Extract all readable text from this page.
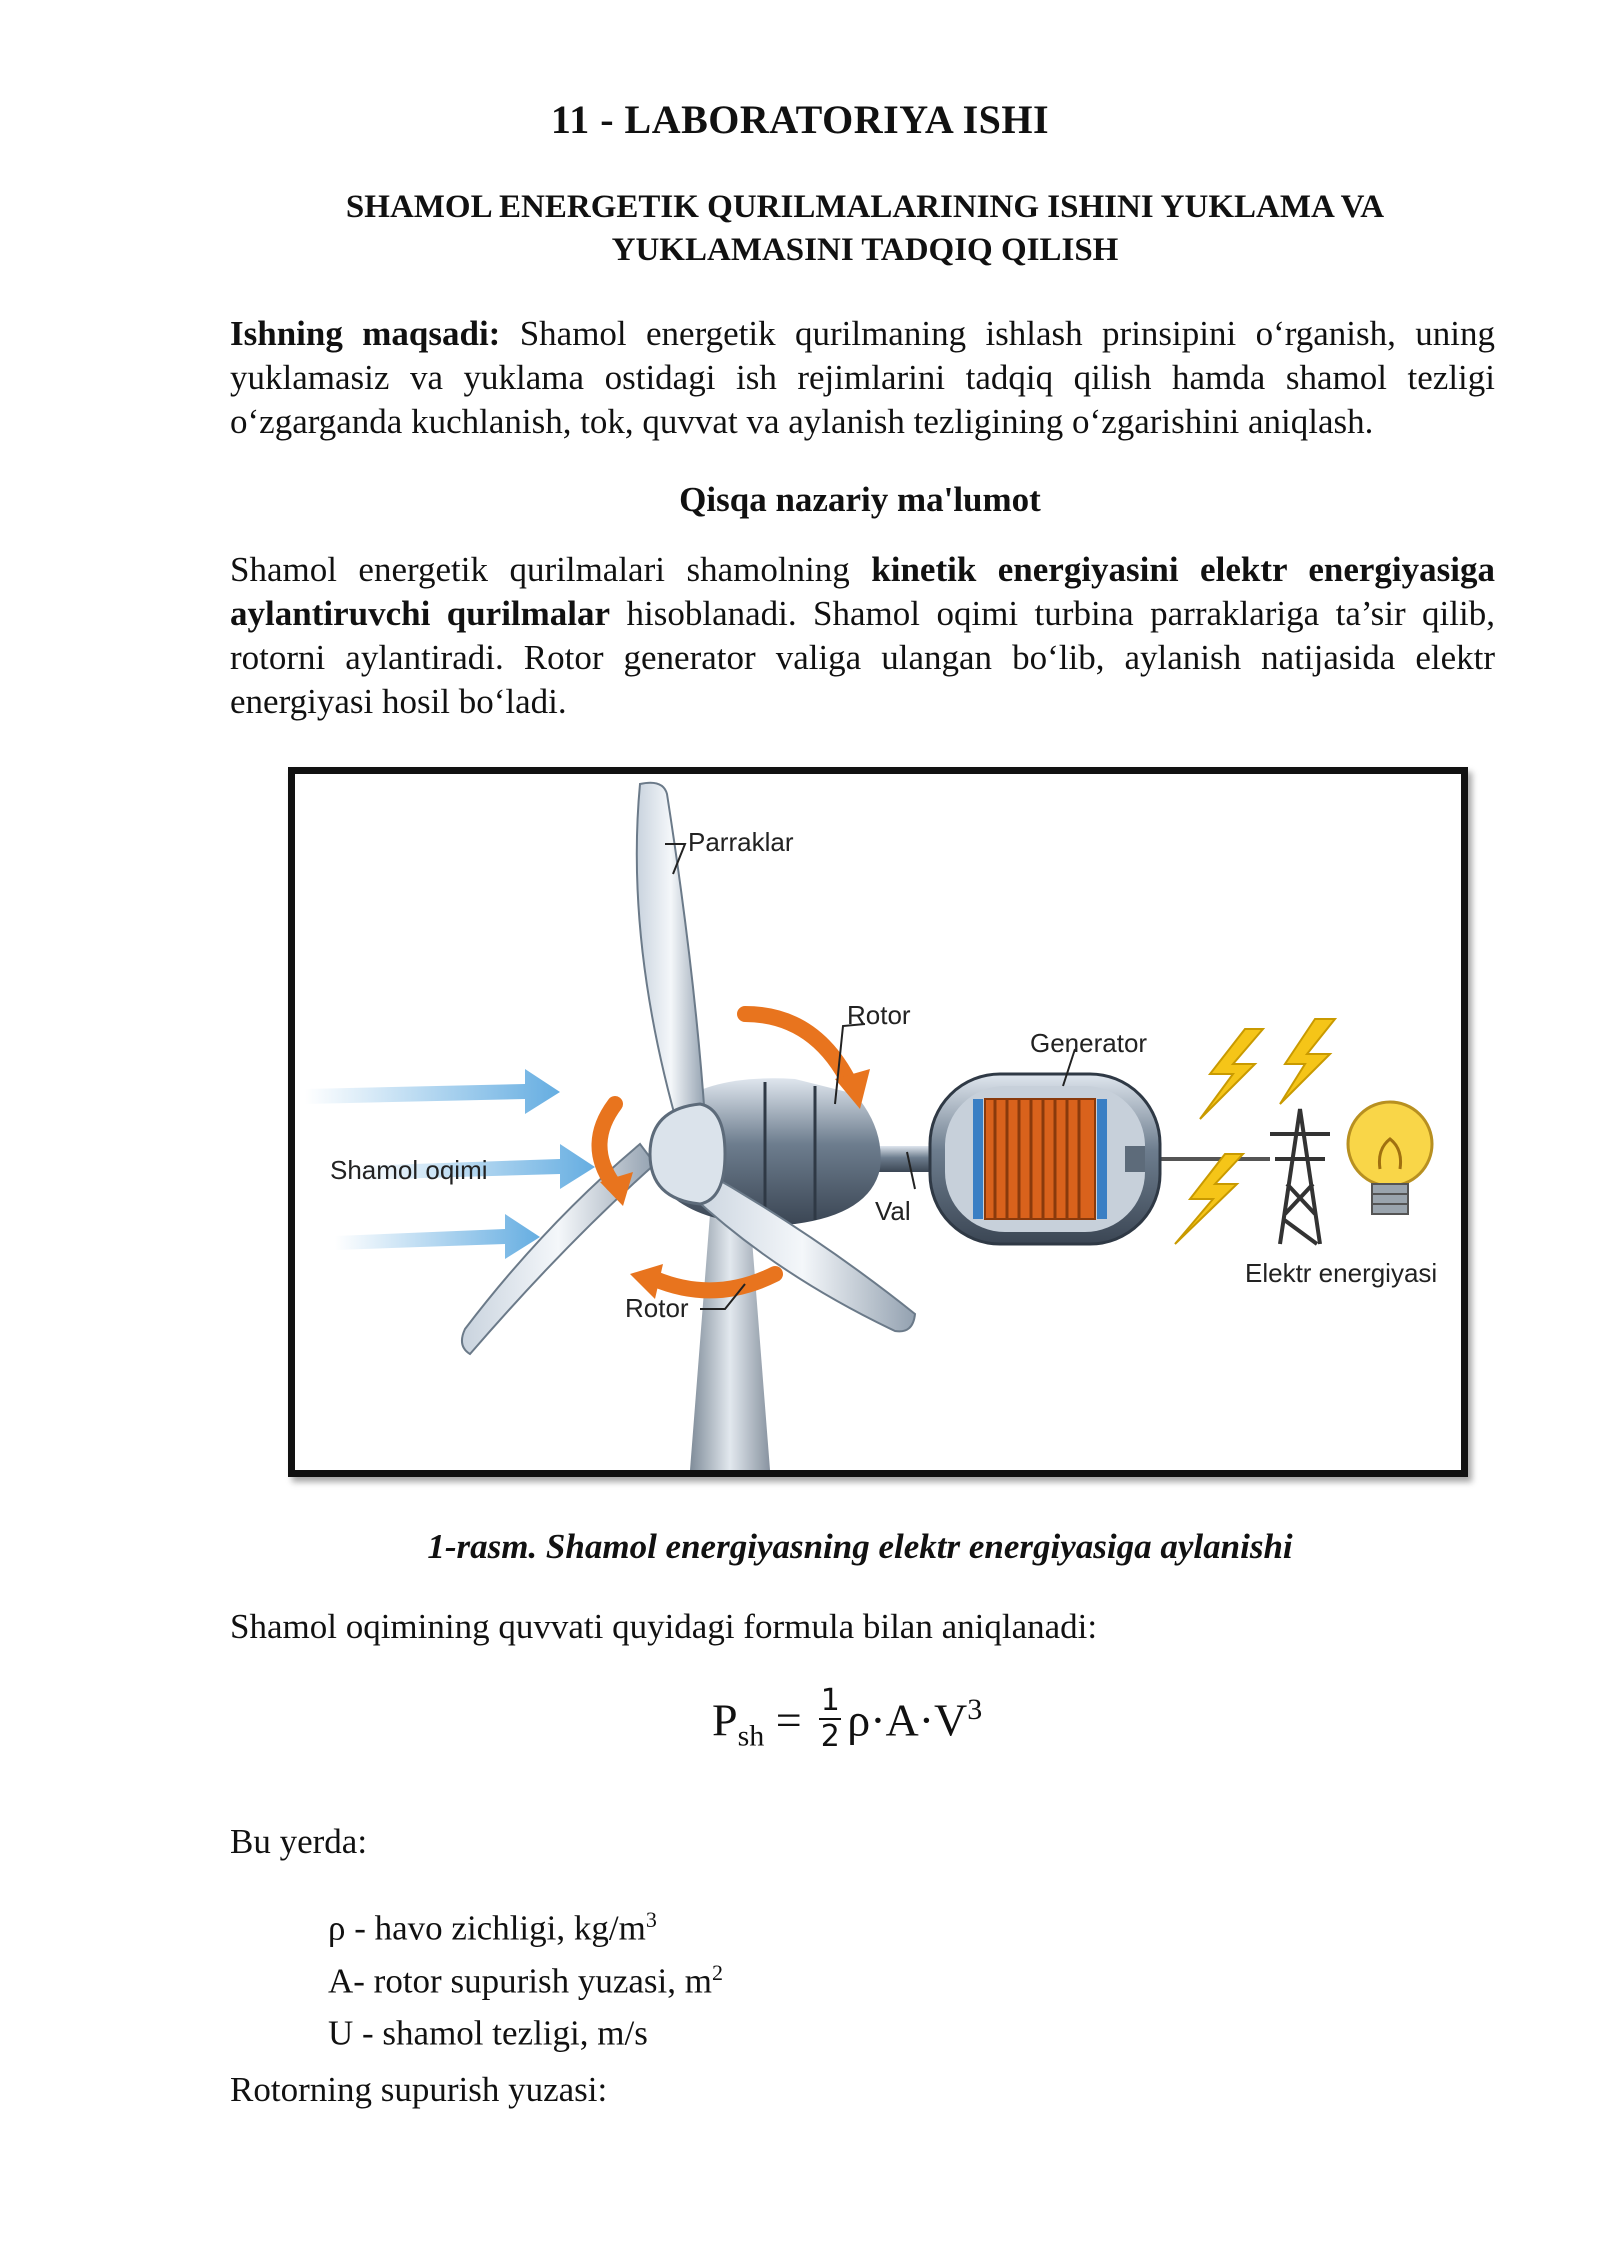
11 - LABORATORIYA ISHI
SHAMOL ENERGETIK QURILMALARINING ISHINI YUKLAMA VA
YUKLAMASINI TADQIQ QILISH
Ishning maqsadi: Shamol energetik qurilmaning ishlash prinsipini o‘rganish, uning yuklamasiz va yuklama ostidagi ish rejimlarini tadqiq qilish hamda shamol tezligi o‘zgarganda kuchlanish, tok, quvvat va aylanish tezligining o‘zgarishini aniqlash.
Qisqa nazariy ma'lumot
Shamol energetik qurilmalari shamolning kinetik energiyasini elektr energiyasiga aylantiruvchi qurilmalar hisoblanadi. Shamol oqimi turbina parraklariga ta’sir qilib, rotorni aylantiradi. Rotor generator valiga ulangan bo‘lib, aylanish natijasida elektr energiyasi hosil bo‘ladi.
Parraklar
Rotor
Generator
Shamol oqimi
Val
Rotor
Elektr energiyasi
1-rasm. Shamol energiyasning elektr energiyasiga aylanishi
Shamol oqimining quvvati quyidagi formula bilan aniqlanadi:
$P_{sh} = \frac{1}{2} \rho\cdot A\cdot V^3$
Bu yerda:
ρ - havo zichligi, $kg/m^3$
A- rotor supurish yuzasi, $m^2$
U - shamol tezligi, m/s
Rotorning supurish yuzasi:
